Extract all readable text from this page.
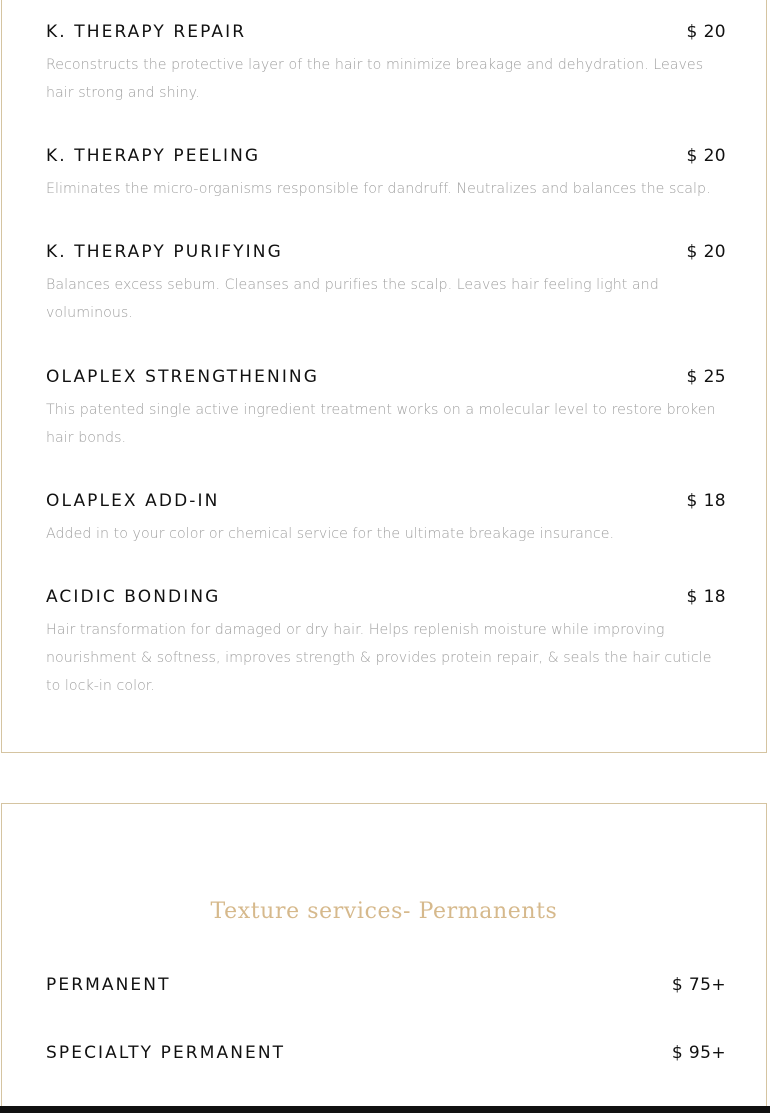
K. THERAPY REPAIR	$ 20
Reconstructs the protective layer of the hair to minimize breakage and dehydration. Leaves hair strong and shiny.
K. THERAPY PEELING	$ 20
Eliminates the micro-organisms responsible for dandruff. Neutralizes and balances the scalp.
K. THERAPY PURIFYING	$ 20
Balances excess sebum. Cleanses and purifies the scalp. Leaves hair feeling light and voluminous.
OLAPLEX STRENGTHENING	$ 25
This patented single active ingredient treatment works on a molecular level to restore broken hair bonds.
OLAPLEX ADD-IN	$ 18
Added in to your color or chemical service for the ultimate breakage insurance.
ACIDIC BONDING	$ 18
Hair transformation for damaged or dry hair. Helps replenish moisture while improving nourishment & softness, improves strength & provides protein repair, & seals the hair cuticle to lock-in color.
Texture services- Permanents
PERMANENT	$ 75+
SPECIALTY PERMANENT	$ 95+
